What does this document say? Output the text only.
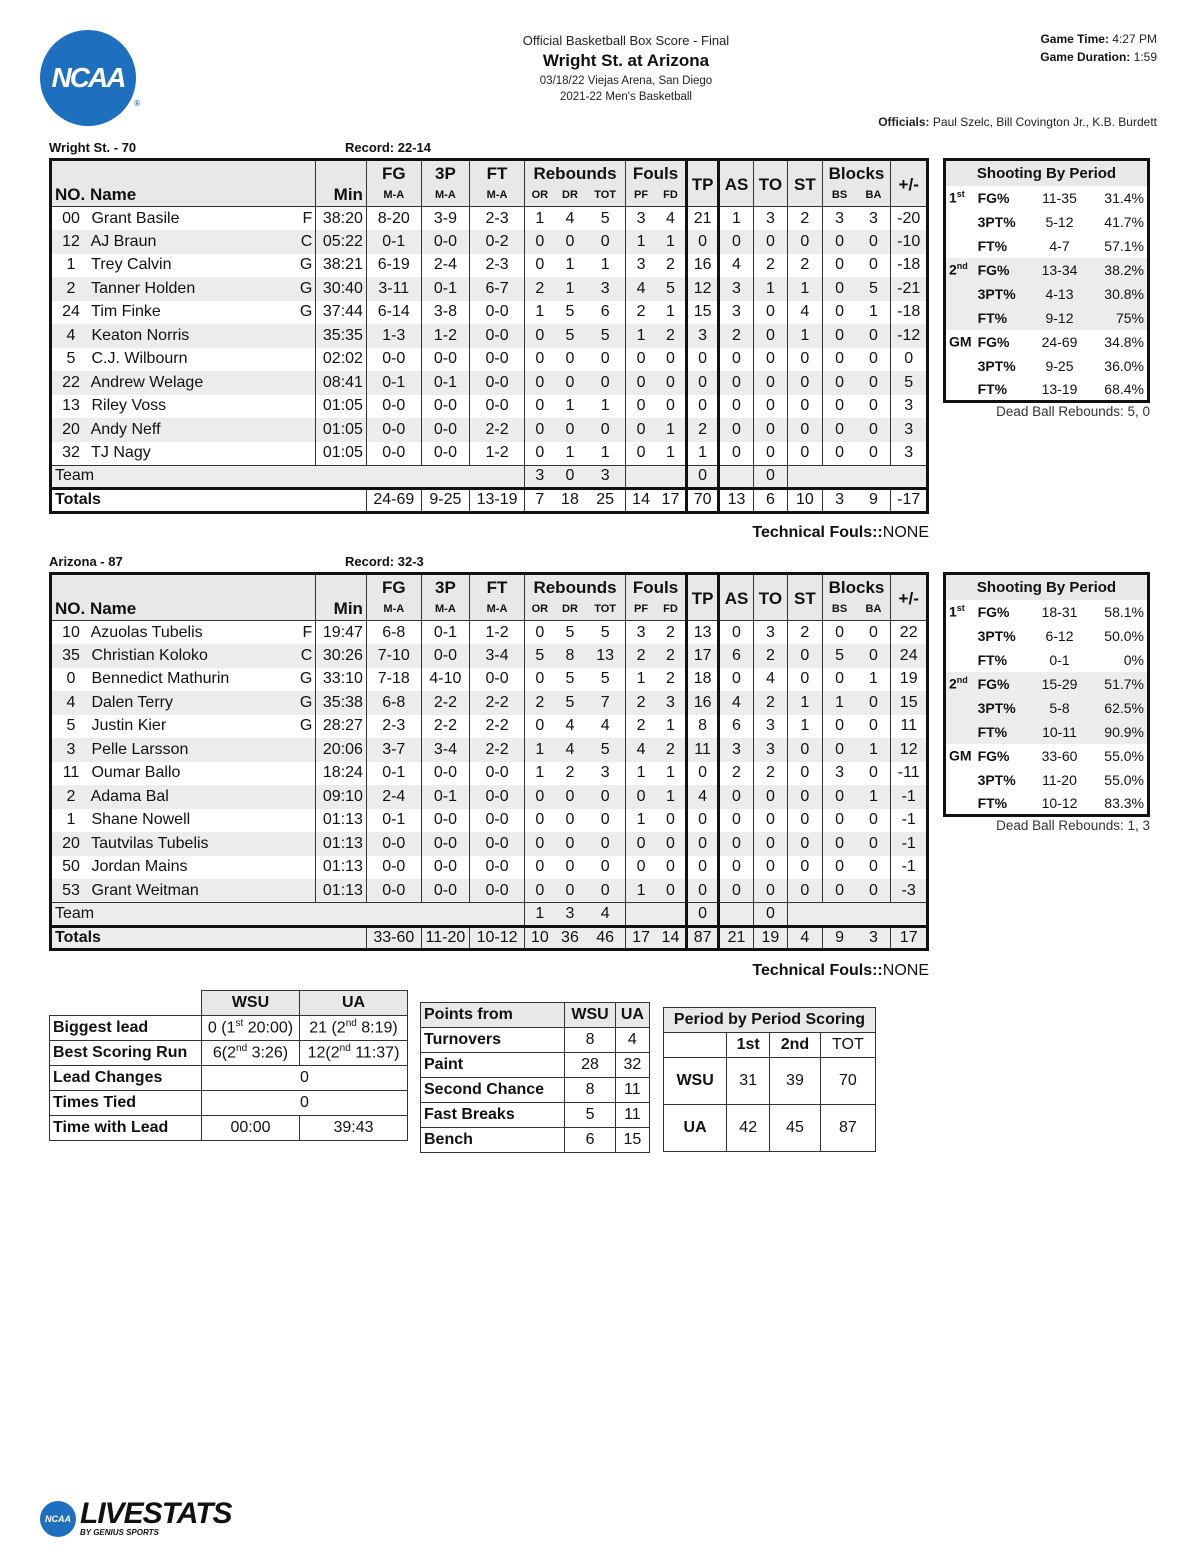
NCAA
®
Official Basketball Box Score - Final
Wright St. at Arizona
03/18/22 Viejas Arena, San Diego
2021-22 Men's Basketball
Game Time: 4:27 PM
Game Duration: 1:59
Officials: Paul Szelc, Bill Covington Jr., K.B. Burdett
Wright St. - 70	Record: 22-14
		FG	3P	FT	Rebounds			Fouls		TP	AS	TO	ST	Blocks		+/-
NO. Name	Min	M-A	M-A	M-A	OR	DR	TOT	PF	FD					BS	BA	
00 Grant Basile F	38:20	8-20	3-9	2-3	1	4	5	3	4	21	1	3	2	3	3	-20
12 AJ Braun C	05:22	0-1	0-0	0-2	0	0	0	1	1	0	0	0	0	0	0	-10
1 Trey Calvin G	38:21	6-19	2-4	2-3	0	1	1	3	2	16	4	2	2	0	0	-18
2 Tanner Holden G	30:40	3-11	0-1	6-7	2	1	3	4	5	12	3	1	1	0	5	-21
24 Tim Finke G	37:44	6-14	3-8	0-0	1	5	6	2	1	15	3	0	4	0	1	-18
4 Keaton Norris	35:35	1-3	1-2	0-0	0	5	5	1	2	3	2	0	1	0	0	-12
5 C.J. Wilbourn	02:02	0-0	0-0	0-0	0	0	0	0	0	0	0	0	0	0	0	0
22 Andrew Welage	08:41	0-1	0-1	0-0	0	0	0	0	0	0	0	0	0	0	0	5
13 Riley Voss	01:05	0-0	0-0	0-0	0	1	1	0	0	0	0	0	0	0	0	3
20 Andy Neff	01:05	0-0	0-0	2-2	0	0	0	0	1	2	0	0	0	0	0	3
32 TJ Nagy	01:05	0-0	0-0	1-2	0	1	1	0	1	1	0	0	0	0	0	3
Team					3	0	3			0		0				
Totals		24-69	9-25	13-19	7	18	25	14	17	70	13	6	10	3	9	-17
Technical Fouls::NONE
Shooting By Period			
1st	FG%	11-35	31.4%
	3PT%	5-12	41.7%
	FT%	4-7	57.1%
2nd	FG%	13-34	38.2%
	3PT%	4-13	30.8%
	FT%	9-12	75%
GM	FG%	24-69	34.8%
	3PT%	9-25	36.0%
	FT%	13-19	68.4%
Dead Ball Rebounds: 5, 0
Arizona - 87	Record: 32-3
		FG	3P	FT	Rebounds			Fouls		TP	AS	TO	ST	Blocks		+/-
NO. Name	Min	M-A	M-A	M-A	OR	DR	TOT	PF	FD					BS	BA	
10 Azuolas Tubelis F	19:47	6-8	0-1	1-2	0	5	5	3	2	13	0	3	2	0	0	22
35 Christian Koloko C	30:26	7-10	0-0	3-4	5	8	13	2	2	17	6	2	0	5	0	24
0 Bennedict Mathurin G	33:10	7-18	4-10	0-0	0	5	5	1	2	18	0	4	0	0	1	19
4 Dalen Terry G	35:38	6-8	2-2	2-2	2	5	7	2	3	16	4	2	1	1	0	15
5 Justin Kier G	28:27	2-3	2-2	2-2	0	4	4	2	1	8	6	3	1	0	0	11
3 Pelle Larsson	20:06	3-7	3-4	2-2	1	4	5	4	2	11	3	3	0	0	1	12
11 Oumar Ballo	18:24	0-1	0-0	0-0	1	2	3	1	1	0	2	2	0	3	0	-11
2 Adama Bal	09:10	2-4	0-1	0-0	0	0	0	0	1	4	0	0	0	0	1	-1
1 Shane Nowell	01:13	0-1	0-0	0-0	0	0	0	1	0	0	0	0	0	0	0	-1
20 Tautvilas Tubelis	01:13	0-0	0-0	0-0	0	0	0	0	0	0	0	0	0	0	0	-1
50 Jordan Mains	01:13	0-0	0-0	0-0	0	0	0	0	0	0	0	0	0	0	0	-1
53 Grant Weitman	01:13	0-0	0-0	0-0	0	0	0	1	0	0	0	0	0	0	0	-3
Team					1	3	4			0		0				
Totals		33-60	11-20	10-12	10	36	46	17	14	87	21	19	4	9	3	17
Technical Fouls::NONE
Shooting By Period			
1st	FG%	18-31	58.1%
	3PT%	6-12	50.0%
	FT%	0-1	0%
2nd	FG%	15-29	51.7%
	3PT%	5-8	62.5%
	FT%	10-11	90.9%
GM	FG%	33-60	55.0%
	3PT%	11-20	55.0%
	FT%	10-12	83.3%
Dead Ball Rebounds: 1, 3
	WSU	UA
Biggest lead	0 (1st 20:00)	21 (2nd 8:19)
Best Scoring Run	6(2nd 3:26)	12(2nd 11:37)
Lead Changes	0	
Times Tied	0	
Time with Lead	00:00	39:43
Points from	WSU	UA
Turnovers	8	4
Paint	28	32
Second Chance	8	11
Fast Breaks	5	11
Bench	6	15
Period by Period Scoring			
	1st	2nd	TOT
WSU	31	39	70
UA	42	45	87
NCAA LIVESTATS
BY GENIUS SPORTS
